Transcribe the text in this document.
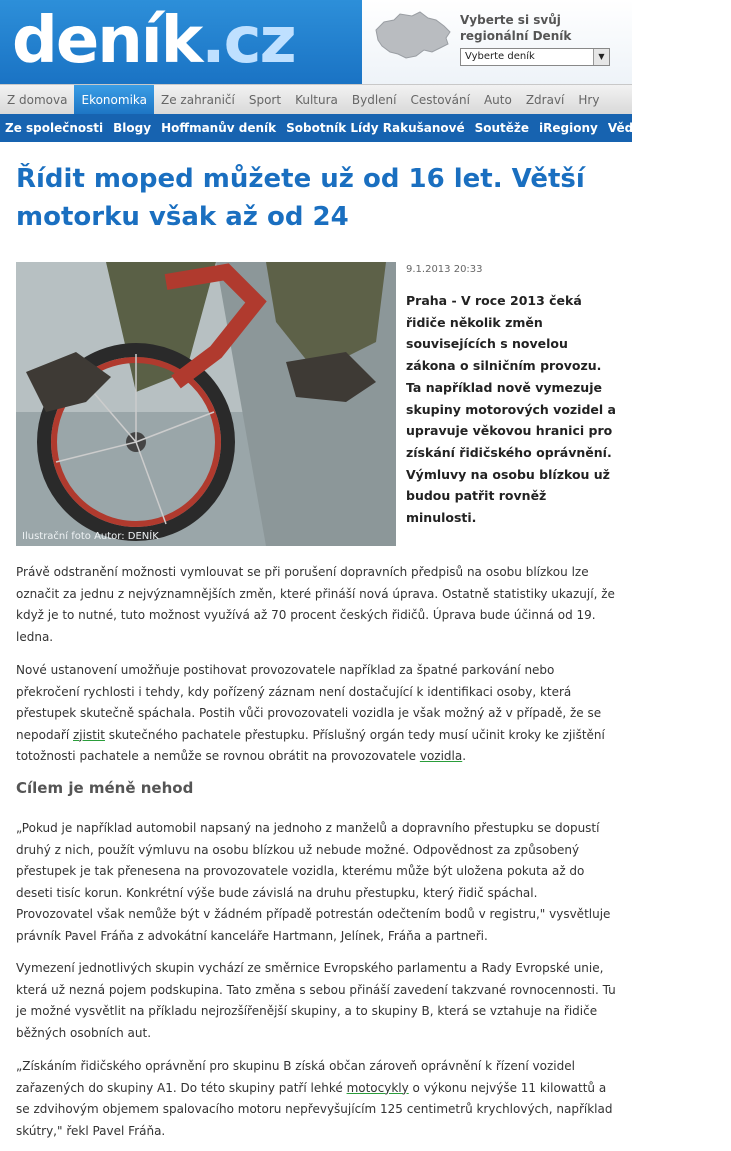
deník.cz	Vyberte si svůj regionální Deník
Vyberte deník	▼
Z domova Ekonomika Ze zahraničí Sport Kultura Bydlení Cestování Auto Zdraví Hry
Ze společnosti Blogy Hoffmanův deník Sobotník Lídy Rakušanové Soutěže iRegiony Věda a vesmír Ti
Řídit moped můžete už od 16 let. Větší motorku však až od 24
Ilustrační foto Autor: DENÍK
9.1.2013 20:33
Praha - V roce 2013 čeká řidiče několik změn souvisejících s novelou zákona o silničním provozu. Ta například nově vymezuje skupiny motorových vozidel a upravuje věkovou hranici pro získání řidičského oprávnění. Výmluvy na osobu blízkou už budou patřit rovněž minulosti.

Právě odstranění možnosti vymlouvat se při porušení dopravních předpisů na osobu blízkou lze označit za jednu z nejvýznamnějších změn, které přináší nová úprava. Ostatně statistiky ukazují, že když je to nutné, tuto možnost využívá až 70 procent českých řidičů. Úprava bude účinná od 19. ledna.

Nové ustanovení umožňuje postihovat provozovatele například za špatné parkování nebo překročení rychlosti i tehdy, kdy pořízený záznam není dostačující k identifikaci osoby, která přestupek skutečně spáchala. Postih vůči provozovateli vozidla je však možný až v případě, že se nepodaří zjistit skutečného pachatele přestupku. Příslušný orgán tedy musí učinit kroky ke zjištění totožnosti pachatele a nemůže se rovnou obrátit na provozovatele vozidla.

Cílem je méně nehod

„Pokud je například automobil napsaný na jednoho z manželů a dopravního přestupku se dopustí druhý z nich, použít výmluvu na osobu blízkou už nebude možné. Odpovědnost za způsobený přestupek je tak přenesena na provozovatele vozidla, kterému může být uložena pokuta až do deseti tisíc korun. Konkrétní výše bude závislá na druhu přestupku, který řidič spáchal. Provozovatel však nemůže být v žádném případě potrestán odečtením bodů v registru," vysvětluje právník Pavel Fráňa z advokátní kanceláře Hartmann, Jelínek, Fráňa a partneři.

Vymezení jednotlivých skupin vychází ze směrnice Evropského parlamentu a Rady Evropské unie, která už nezná pojem podskupina. Tato změna s sebou přináší zavedení takzvané rovnocennosti. Tu je možné vysvětlit na příkladu nejrozšířenější skupiny, a to skupiny B, která se vztahuje na řidiče běžných osobních aut.

„Získáním řidičského oprávnění pro skupinu B získá občan zároveň oprávnění k řízení vozidel zařazených do skupiny A1. Do této skupiny patří lehké motocykly o výkonu nejvýše 11 kilowattů a se zdvihovým objemem spalovacího motoru nepřevyšujícím 125 centimetrů krychlových, například skútry," řekl Pavel Fráňa.
